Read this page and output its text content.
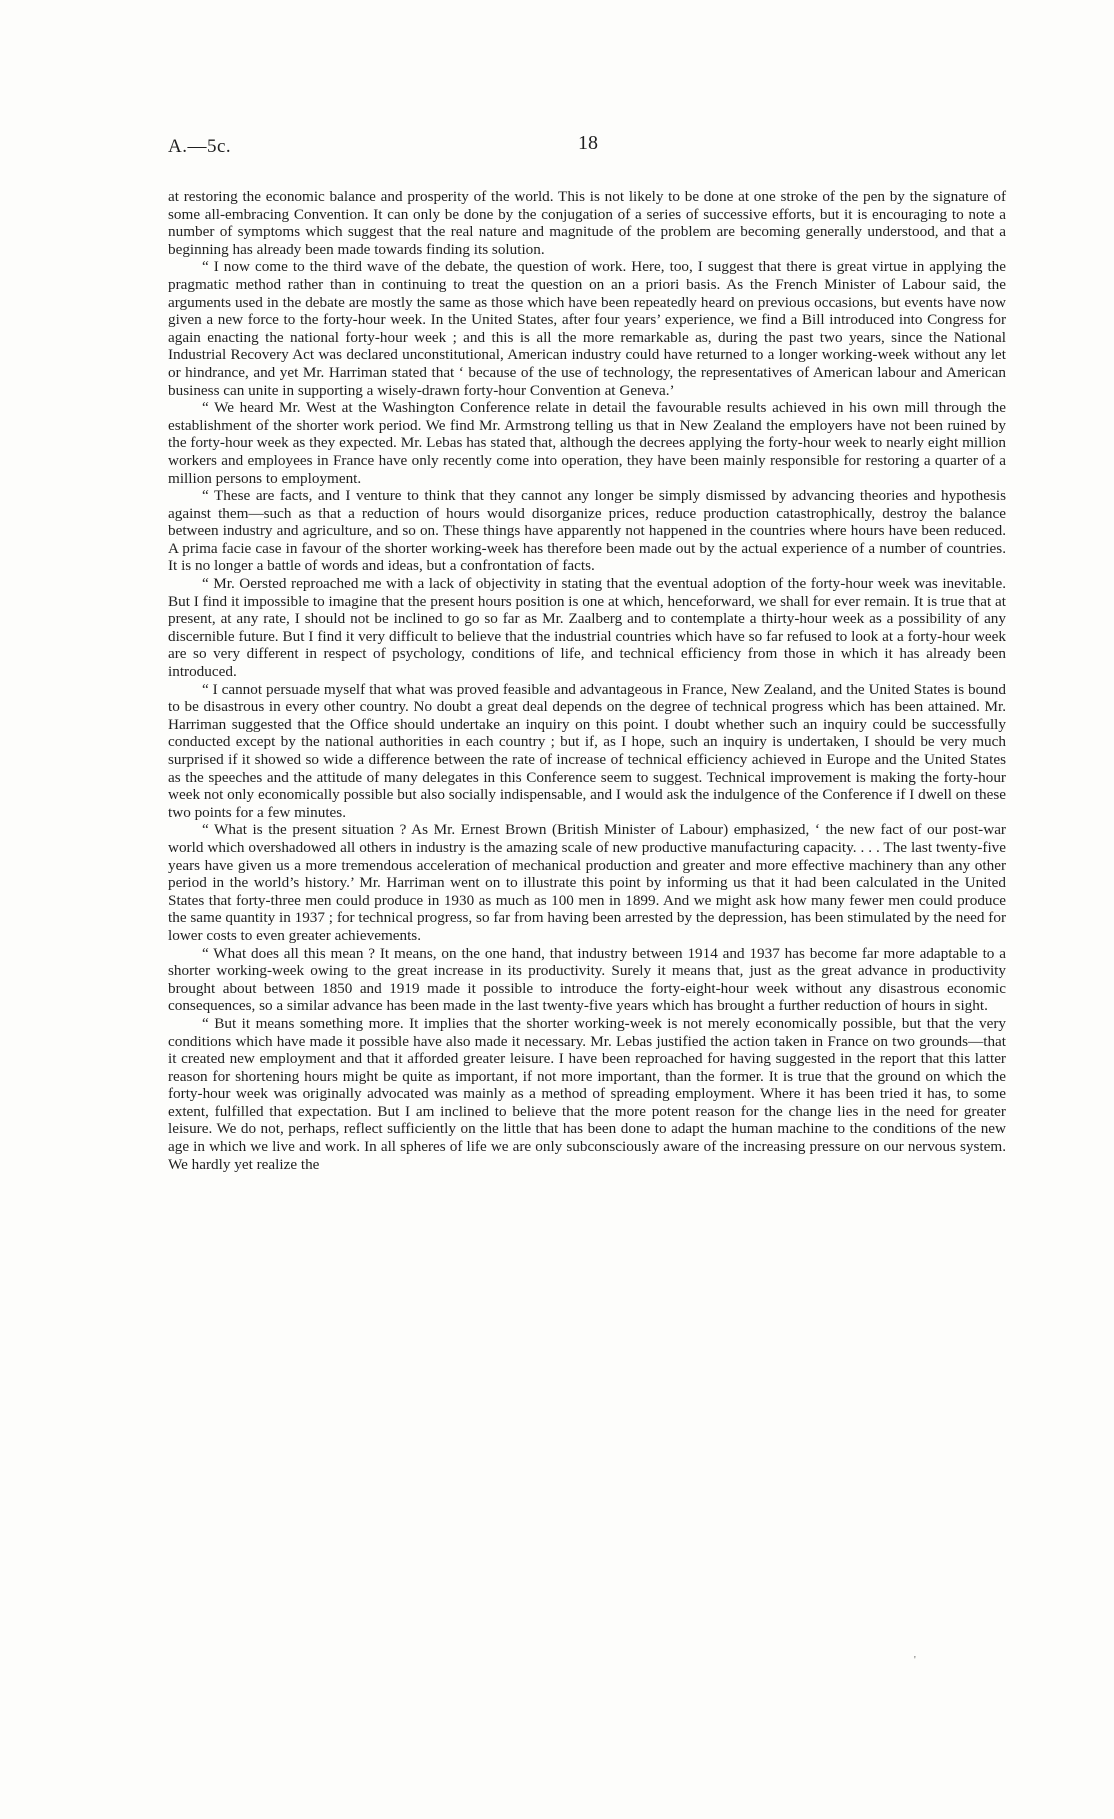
A.—5c.	18

at restoring the economic balance and prosperity of the world. This is not likely to be done at one stroke of the pen by the signature of some all-embracing Convention. It can only be done by the conjugation of a series of successive efforts, but it is encouraging to note a number of symptoms which suggest that the real nature and magnitude of the problem are becoming generally understood, and that a beginning has already been made towards finding its solution.

“ I now come to the third wave of the debate, the question of work. Here, too, I suggest that there is great virtue in applying the pragmatic method rather than in continuing to treat the question on an a priori basis. As the French Minister of Labour said, the arguments used in the debate are mostly the same as those which have been repeatedly heard on previous occasions, but events have now given a new force to the forty-hour week. In the United States, after four years’ experience, we find a Bill introduced into Congress for again enacting the national forty-hour week ; and this is all the more remarkable as, during the past two years, since the National Industrial Recovery Act was declared unconstitutional, American industry could have returned to a longer working-week without any let or hindrance, and yet Mr. Harriman stated that ‘ because of the use of technology, the representatives of American labour and American business can unite in supporting a wisely-drawn forty-hour Convention at Geneva.’

“ We heard Mr. West at the Washington Conference relate in detail the favourable results achieved in his own mill through the establishment of the shorter work period. We find Mr. Armstrong telling us that in New Zealand the employers have not been ruined by the forty-hour week as they expected. Mr. Lebas has stated that, although the decrees applying the forty-hour week to nearly eight million workers and employees in France have only recently come into operation, they have been mainly responsible for restoring a quarter of a million persons to employment.

“ These are facts, and I venture to think that they cannot any longer be simply dismissed by advancing theories and hypothesis against them—such as that a reduction of hours would disorganize prices, reduce production catastrophically, destroy the balance between industry and agriculture, and so on. These things have apparently not happened in the countries where hours have been reduced. A prima facie case in favour of the shorter working-week has therefore been made out by the actual experience of a number of countries. It is no longer a battle of words and ideas, but a confrontation of facts.

“ Mr. Oersted reproached me with a lack of objectivity in stating that the eventual adoption of the forty-hour week was inevitable. But I find it impossible to imagine that the present hours position is one at which, henceforward, we shall for ever remain. It is true that at present, at any rate, I should not be inclined to go so far as Mr. Zaalberg and to contemplate a thirty-hour week as a possibility of any discernible future. But I find it very difficult to believe that the industrial countries which have so far refused to look at a forty-hour week are so very different in respect of psychology, conditions of life, and technical efficiency from those in which it has already been introduced.

“ I cannot persuade myself that what was proved feasible and advantageous in France, New Zealand, and the United States is bound to be disastrous in every other country. No doubt a great deal depends on the degree of technical progress which has been attained. Mr. Harriman suggested that the Office should undertake an inquiry on this point. I doubt whether such an inquiry could be successfully conducted except by the national authorities in each country ; but if, as I hope, such an inquiry is undertaken, I should be very much surprised if it showed so wide a difference between the rate of increase of technical efficiency achieved in Europe and the United States as the speeches and the attitude of many delegates in this Conference seem to suggest. Technical improvement is making the forty-hour week not only economically possible but also socially indispensable, and I would ask the indulgence of the Conference if I dwell on these two points for a few minutes.

“ What is the present situation ? As Mr. Ernest Brown (British Minister of Labour) emphasized, ‘ the new fact of our post-war world which overshadowed all others in industry is the amazing scale of new productive manufacturing capacity. . . . The last twenty-five years have given us a more tremendous acceleration of mechanical production and greater and more effective machinery than any other period in the world’s history.’ Mr. Harriman went on to illustrate this point by informing us that it had been calculated in the United States that forty-three men could produce in 1930 as much as 100 men in 1899. And we might ask how many fewer men could produce the same quantity in 1937 ; for technical progress, so far from having been arrested by the depression, has been stimulated by the need for lower costs to even greater achievements.

“ What does all this mean ? It means, on the one hand, that industry between 1914 and 1937 has become far more adaptable to a shorter working-week owing to the great increase in its productivity. Surely it means that, just as the great advance in productivity brought about between 1850 and 1919 made it possible to introduce the forty-eight-hour week without any disastrous economic consequences, so a similar advance has been made in the last twenty-five years which has brought a further reduction of hours in sight.

“ But it means something more. It implies that the shorter working-week is not merely economically possible, but that the very conditions which have made it possible have also made it necessary. Mr. Lebas justified the action taken in France on two grounds—that it created new employment and that it afforded greater leisure. I have been reproached for having suggested in the report that this latter reason for shortening hours might be quite as important, if not more important, than the former. It is true that the ground on which the forty-hour week was originally advocated was mainly as a method of spreading employment. Where it has been tried it has, to some extent, fulfilled that expectation. But I am inclined to believe that the more potent reason for the change lies in the need for greater leisure. We do not, perhaps, reflect sufficiently on the little that has been done to adapt the human machine to the conditions of the new age in which we live and work. In all spheres of life we are only subconsciously aware of the increasing pressure on our nervous system. We hardly yet realize the

'
